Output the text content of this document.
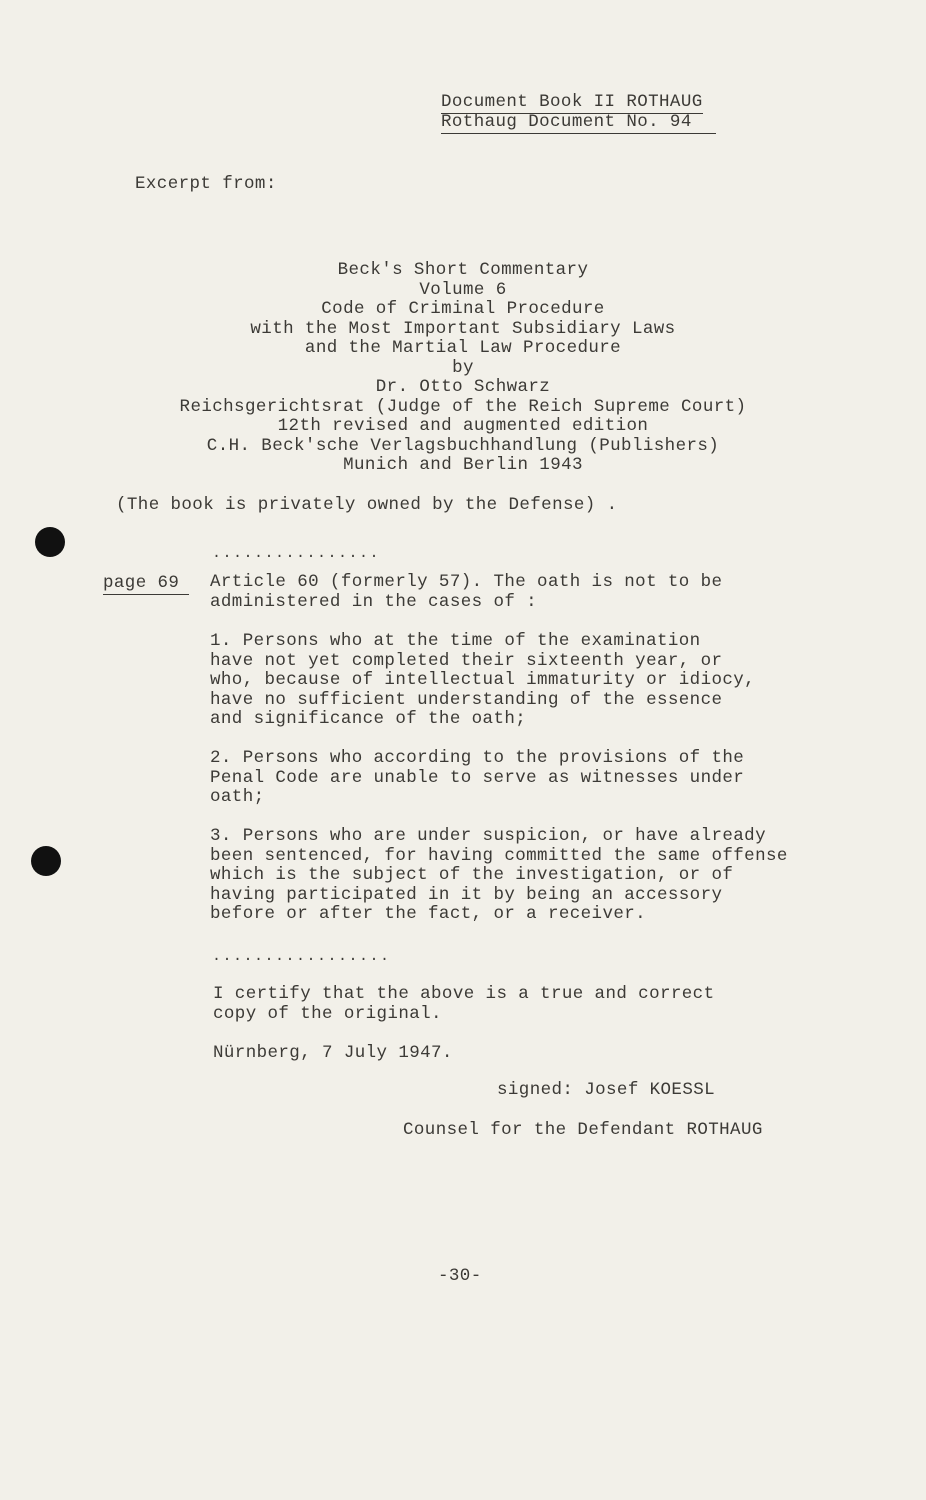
Document Book II ROTHAUG
Rothaug Document No. 94
Excerpt from:
Beck's Short Commentary
Volume 6
Code of Criminal Procedure
with the Most Important Subsidiary Laws
and the Martial Law Procedure
by
Dr. Otto Schwarz
Reichsgerichtsrat (Judge of the Reich Supreme Court)
12th revised and augmented edition
C.H. Beck'sche Verlagsbuchhandlung (Publishers)
Munich and Berlin 1943
(The book is privately owned by the Defense) .
................
page 69	Article 60 (formerly 57). The oath is not to be
administered in the cases of :
1. Persons who at the time of the examination
have not yet completed their sixteenth year, or
who, because of intellectual immaturity or idiocy,
have no sufficient understanding of the essence
and significance of the oath;
2. Persons who according to the provisions of the
Penal Code are unable to serve as witnesses under
oath;
3. Persons who are under suspicion, or have already
been sentenced, for having committed the same offense
which is the subject of the investigation, or of
having participated in it by being an accessory
before or after the fact, or a receiver.
.................
I certify that the above is a true and correct
copy of the original.
Nürnberg, 7 July 1947.
signed: Josef KOESSL
Counsel for the Defendant ROTHAUG
-30-
